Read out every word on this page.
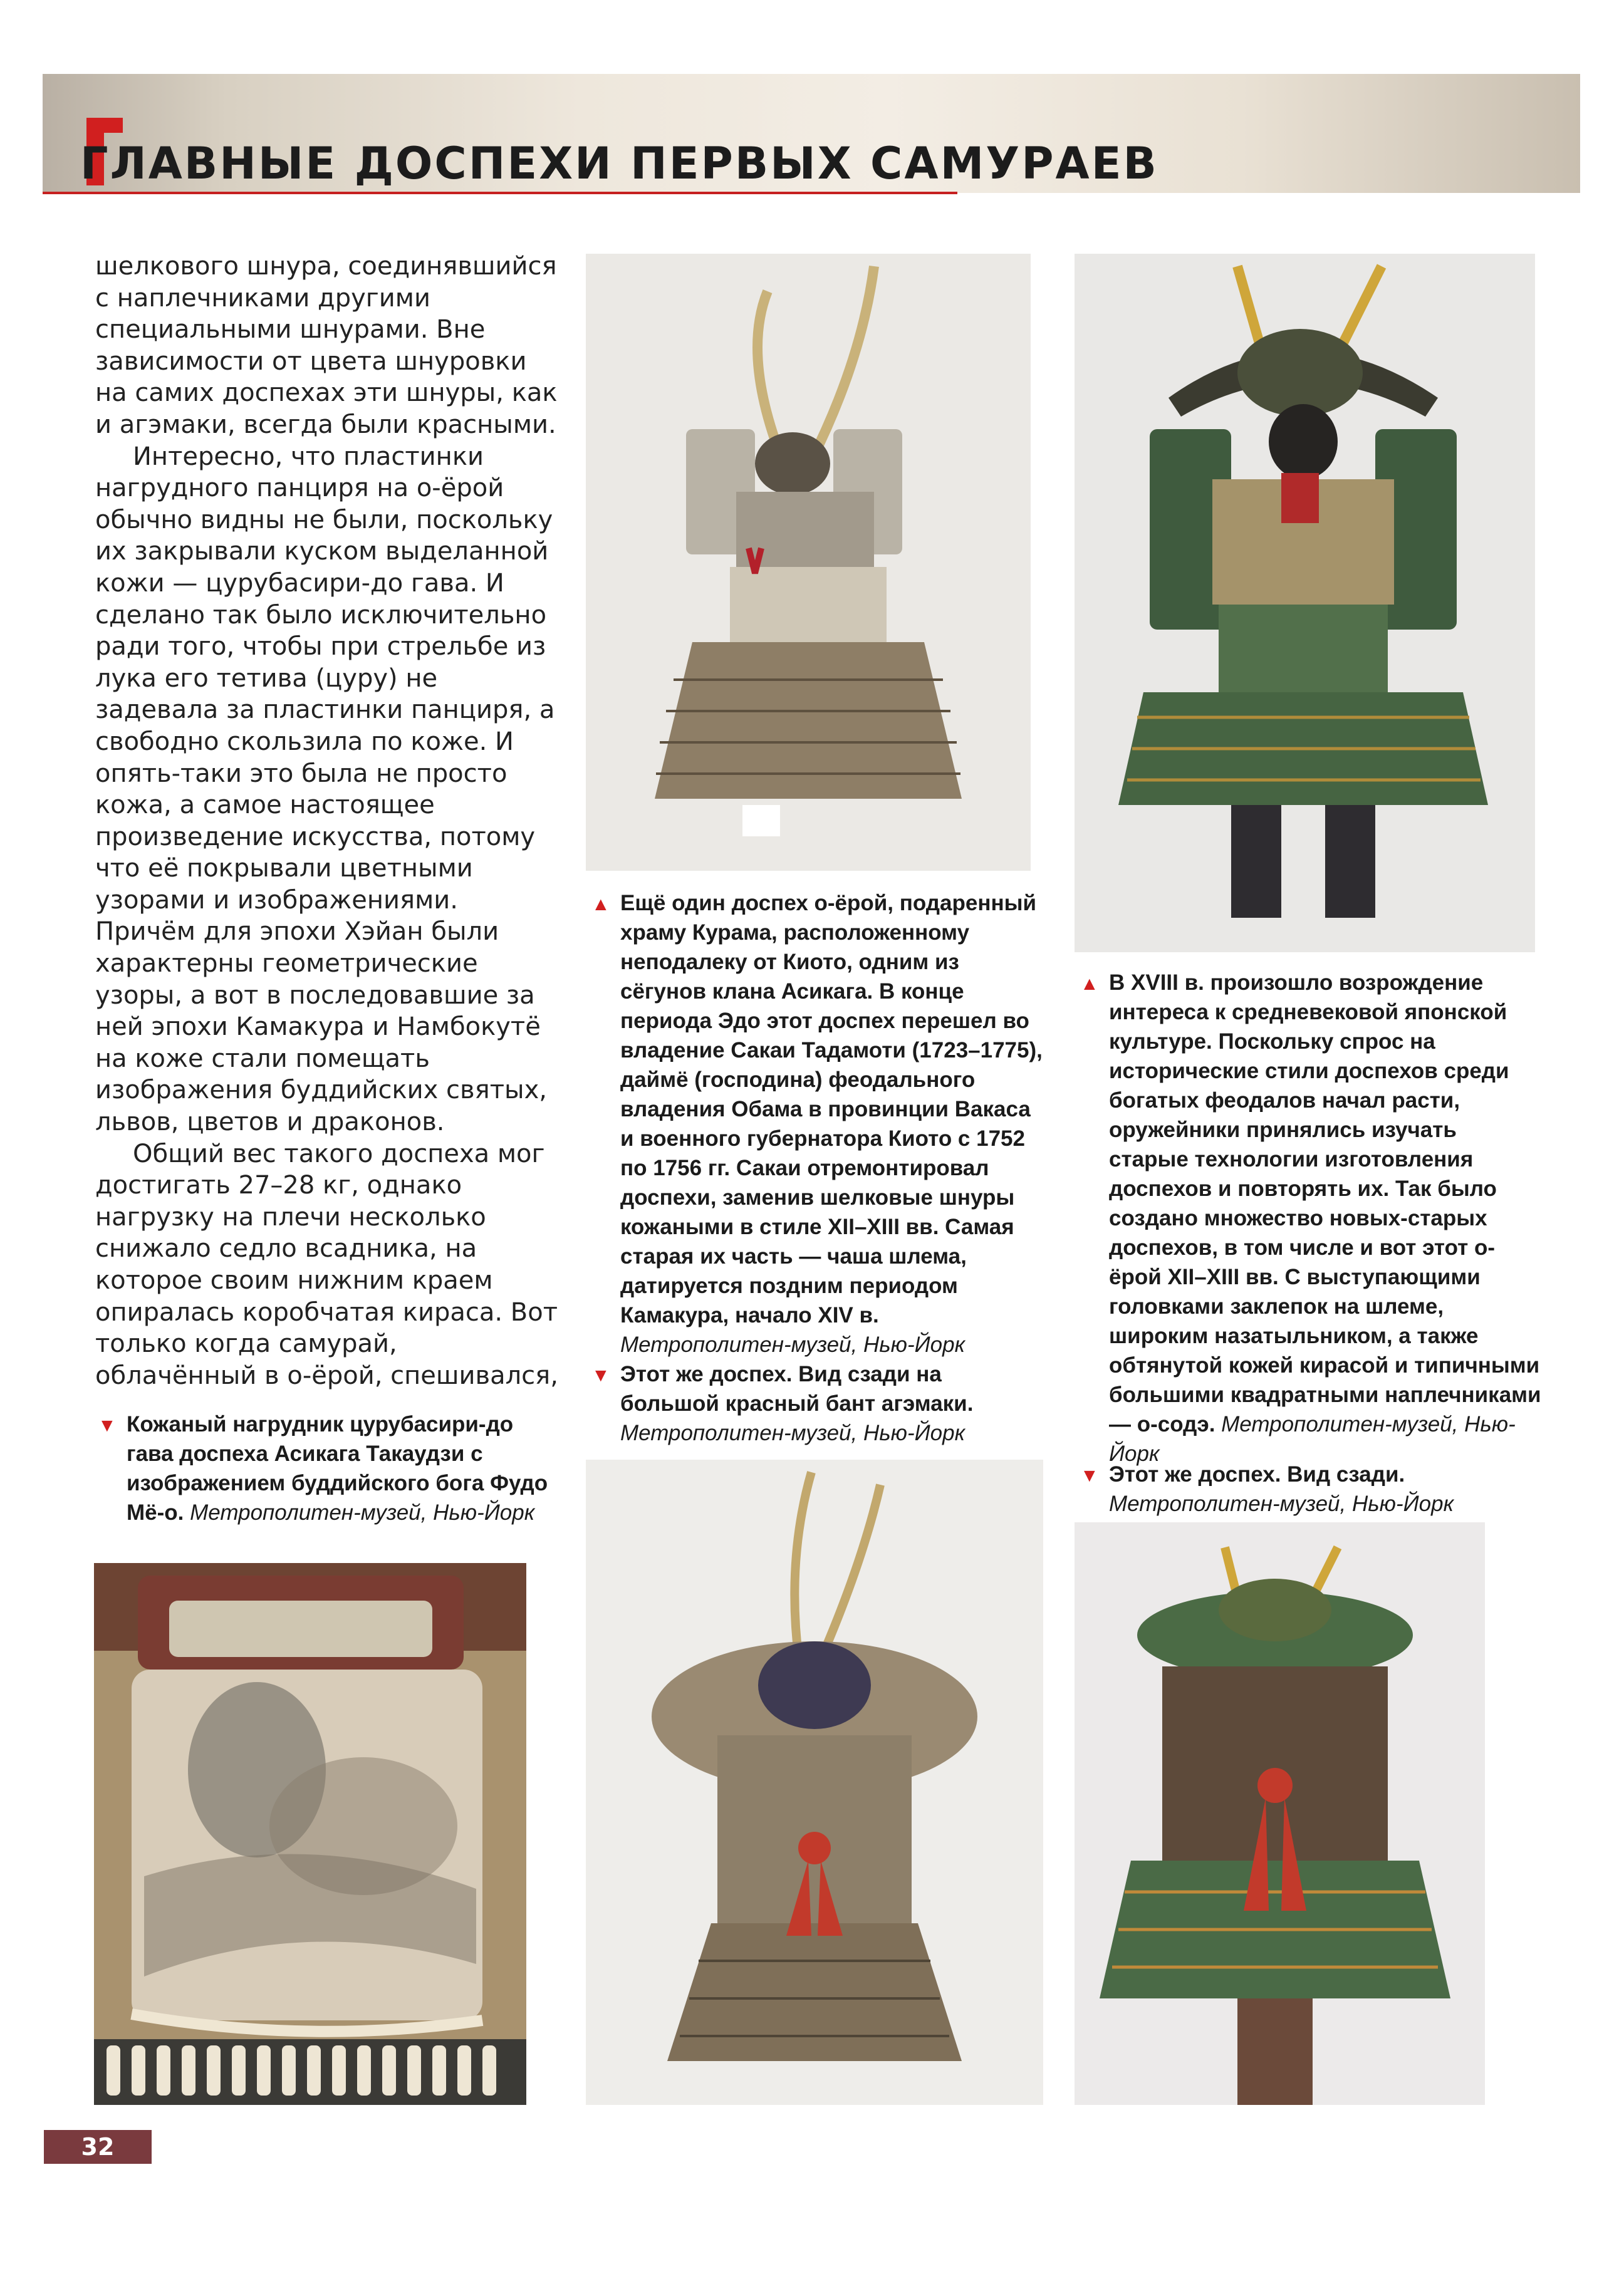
ГЛАВНЫЕ ДОСПЕХИ ПЕРВЫХ САМУРАЕВ

шелкового шнура, соединявшийся с наплечниками другими специальными шнурами. Вне зависимости от цвета шнуровки на самих доспехах эти шнуры, как и агэмаки, всегда были красными.

Интересно, что пластинки нагрудного панциря на о-ёрой обычно видны не были, поскольку их закрывали куском выделанной кожи — цурубасири-до гава. И сделано так было исключительно ради того, чтобы при стрельбе из лука его тетива (цуру) не задевала за пластинки панциря, а свободно скользила по коже. И опять-таки это была не просто кожа, а самое настоящее произведение искусства, потому что её покрывали цветными узорами и изображениями. Причём для эпохи Хэйан были характерны геометрические узоры, а вот в последовавшие за ней эпохи Камакура и Намбокутё на коже стали помещать изображения буддийских святых, львов, цветов и драконов.

Общий вес такого доспеха мог достигать 27–28 кг, однако нагрузку на плечи несколько снижало седло всадника, на которое своим нижним краем опиралась коробчатая кираса. Вот только когда самурай, облачённый в о-ёрой, спешивался,

▼ Кожаный нагрудник цурубасири-до гава доспеха Асикага Такаудзи с изображением буддийского бога Фудо Мё-о. Метрополитен-музей, Нью-Йорк
▲ Ещё один доспех о-ёрой, подаренный храму Курама, расположенному неподалеку от Киото, одним из сёгунов клана Асикага. В конце периода Эдо этот доспех перешел во владение Сакаи Тадамоти (1723–1775), даймё (господина) феодального владения Обама в провинции Вакаса и военного губернатора Киото с 1752 по 1756 гг. Сакаи отремонтировал доспехи, заменив шелковые шнуры кожаными в стиле XII–XIII вв. Самая старая их часть — чаша шлема, датируется поздним периодом Камакура, начало XIV в. Метрополитен-музей, Нью-Йорк
▼ Этот же доспех. Вид сзади на большой красный бант агэмаки. Метрополитен-музей, Нью-Йорк
▲ В XVIII в. произошло возрождение интереса к средневековой японской культуре. Поскольку спрос на исторические стили доспехов среди богатых феодалов начал расти, оружейники принялись изучать старые технологии изготовления доспехов и повторять их. Так было создано множество новых-старых доспехов, в том числе и вот этот о-ёрой XII–XIII вв. С выступающими головками заклепок на шлеме, широким назатыльником, а также обтянутой кожей кирасой и типичными большими квадратными наплечниками — о-содэ. Метрополитен-музей, Нью-Йорк
▼ Этот же доспех. Вид сзади. Метрополитен-музей, Нью-Йорк
32
